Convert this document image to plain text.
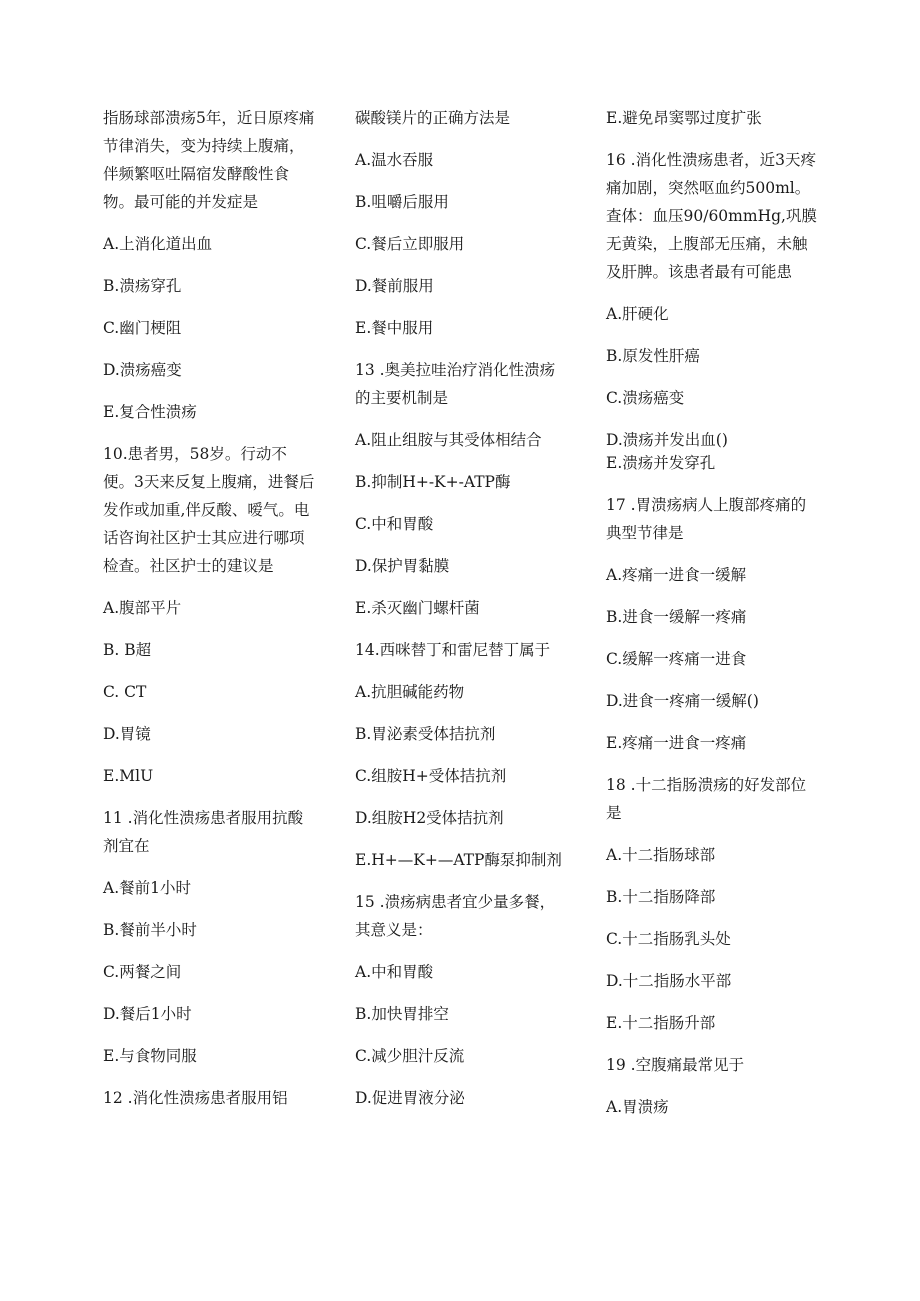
指肠球部溃疡5年，近日原疼痛节律消失，变为持续上腹痛，伴频繁呕吐隔宿发酵酸性食物。最可能的并发症是
A.上消化道出血
B.溃疡穿孔
C.幽门梗阻
D.溃疡癌变
E.复合性溃疡
10.患者男，58岁。行动不便。3天来反复上腹痛，进餐后发作或加重,伴反酸、嗳气。电话咨询社区护士其应进行哪项检查。社区护士的建议是
A.腹部平片
B. B超
C. CT
D.胃镜
E.MlU
11 .消化性溃疡患者服用抗酸剂宜在
A.餐前1小时
B.餐前半小时
C.两餐之间
D.餐后1小时
E.与食物同服
12 .消化性溃疡患者服用铝
碳酸镁片的正确方法是
A.温水吞服
B.咀嚼后服用
C.餐后立即服用
D.餐前服用
E.餐中服用
13 .奥美拉哇治疗消化性溃疡的主要机制是
A.阻止组胺与其受体相结合
B.抑制H+-K+-ATP酶
C.中和胃酸
D.保护胃黏膜
E.杀灭幽门螺杆菌
14.西咪替丁和雷尼替丁属于
A.抗胆碱能药物
B.胃泌素受体拮抗剂
C.组胺H+受体拮抗剂
D.组胺H2受体拮抗剂
E.H+—K+—ATP酶泵抑制剂
15 .溃疡病患者宜少量多餐，其意义是：
A.中和胃酸
B.加快胃排空
C.减少胆汁反流
D.促进胃液分泌
E.避免昂窦鄂过度扩张
16 .消化性溃疡患者，近3天疼痛加剧，突然呕血约500ml。查体：血压90∕60mmHg,巩膜无黄染，上腹部无压痛，未触及肝脾。该患者最有可能患
A.肝硬化
B.原发性肝癌
C.溃疡癌变
D.溃疡并发出血()
E.溃疡并发穿孔
17 .胃溃疡病人上腹部疼痛的典型节律是
A.疼痛一进食一缓解
B.进食一缓解一疼痛
C.缓解一疼痛一进食
D.进食一疼痛一缓解()
E.疼痛一进食一疼痛
18 .十二指肠溃疡的好发部位是
A.十二指肠球部
B.十二指肠降部
C.十二指肠乳头处
D.十二指肠水平部
E.十二指肠升部
19 .空腹痛最常见于
A.胃溃疡
